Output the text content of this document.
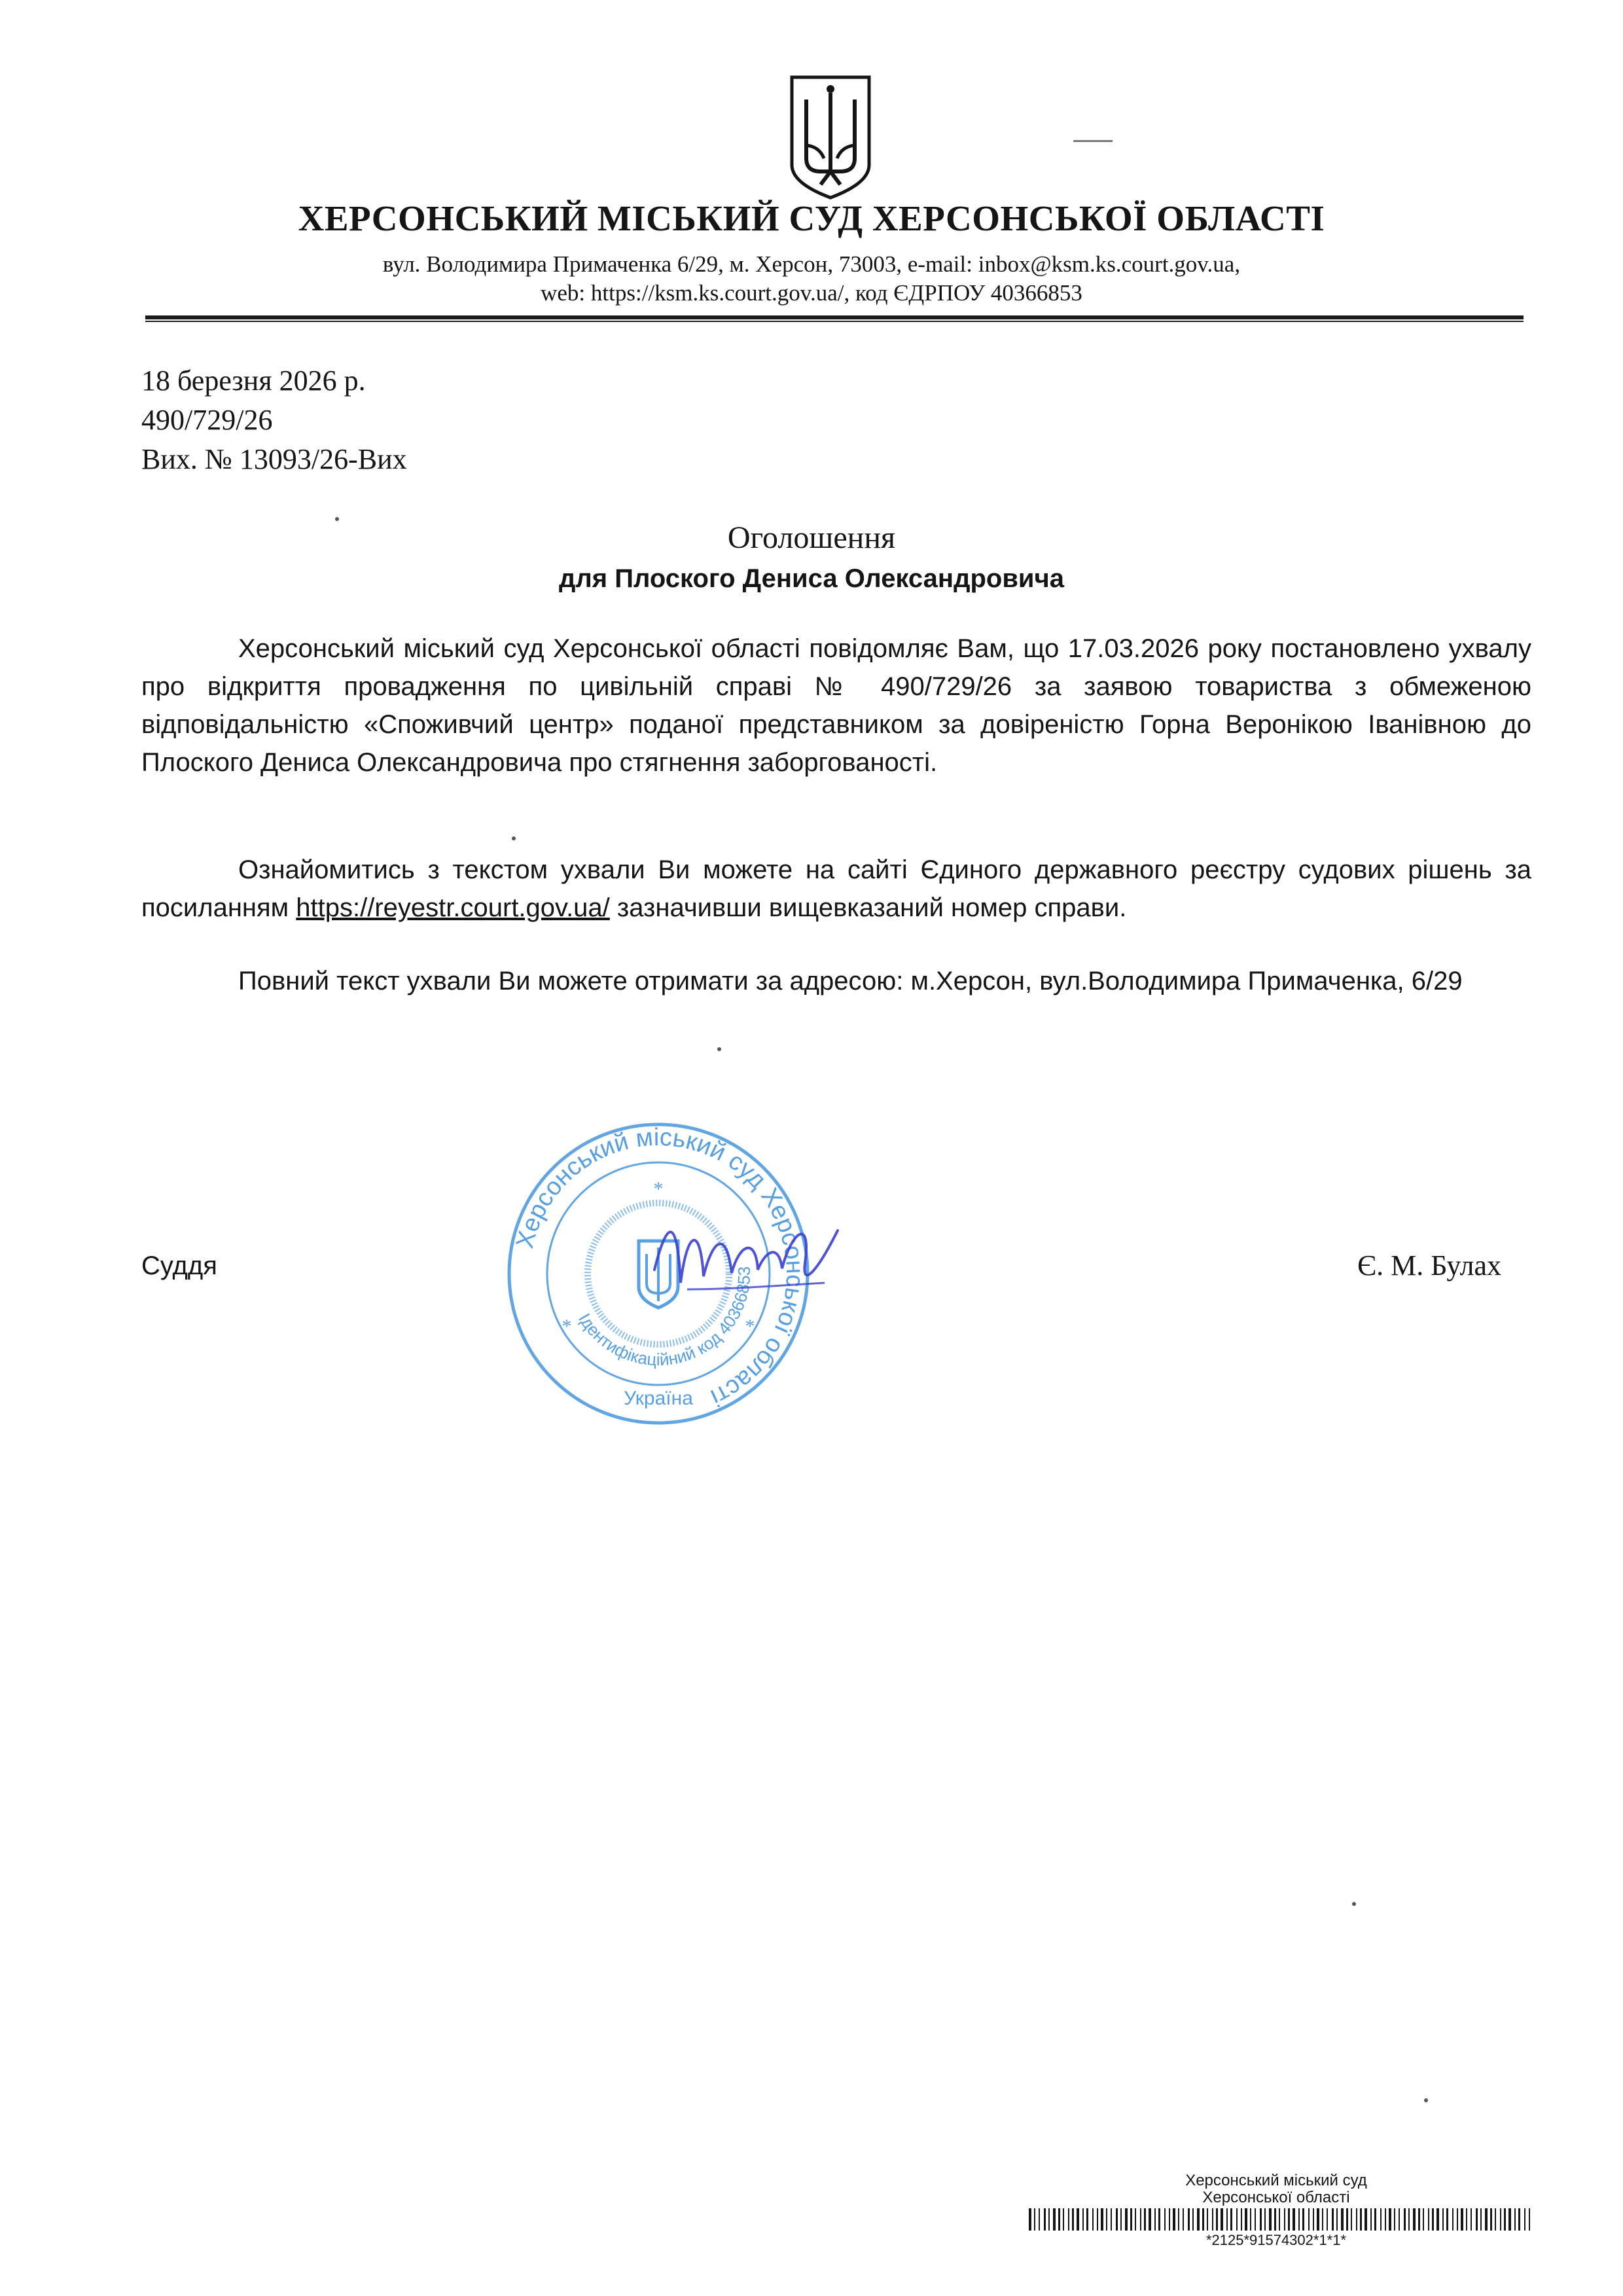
ХЕРСОНСЬКИЙ МІСЬКИЙ СУД ХЕРСОНСЬКОЇ ОБЛАСТІ
вул. Володимира Примаченка 6/29, м. Херсон, 73003, e-mail: inbox@ksm.ks.court.gov.ua,
web: https://ksm.ks.court.gov.ua/, код ЄДРПОУ 40366853
18 березня 2026 р.
490/729/26
Вих. № 13093/26-Вих
Оголошення
для Плоского Дениса Олександровича

Херсонський міський суд Херсонської області повідомляє Вам, що 17.03.2026 року постановлено ухвалу про відкриття провадження по цивільній справі № 490/729/26 за заявою товариства з обмеженою відповідальністю «Споживчий центр» поданої представником за довіреністю Горна Веронікою Іванівною до Плоского Дениса Олександровича про стягнення заборгованості.

Ознайомитись з текстом ухвали Ви можете на сайті Єдиного державного реєстру судових рішень за посиланням https://reyestr.court.gov.ua/ зазначивши вищевказаний номер справи.

Повний текст ухвали Ви можете отримати за адресою: м.Херсон, вул.Володимира Примаченка, 6/29

Суддя	Є. М. Булах
Херсонський міський суд Херсонської області
Ідентифікаційний код 40366853
Україна
*
*	*
Херсонський міський суд
Херсонської області
*2125*91574302*1*1*
